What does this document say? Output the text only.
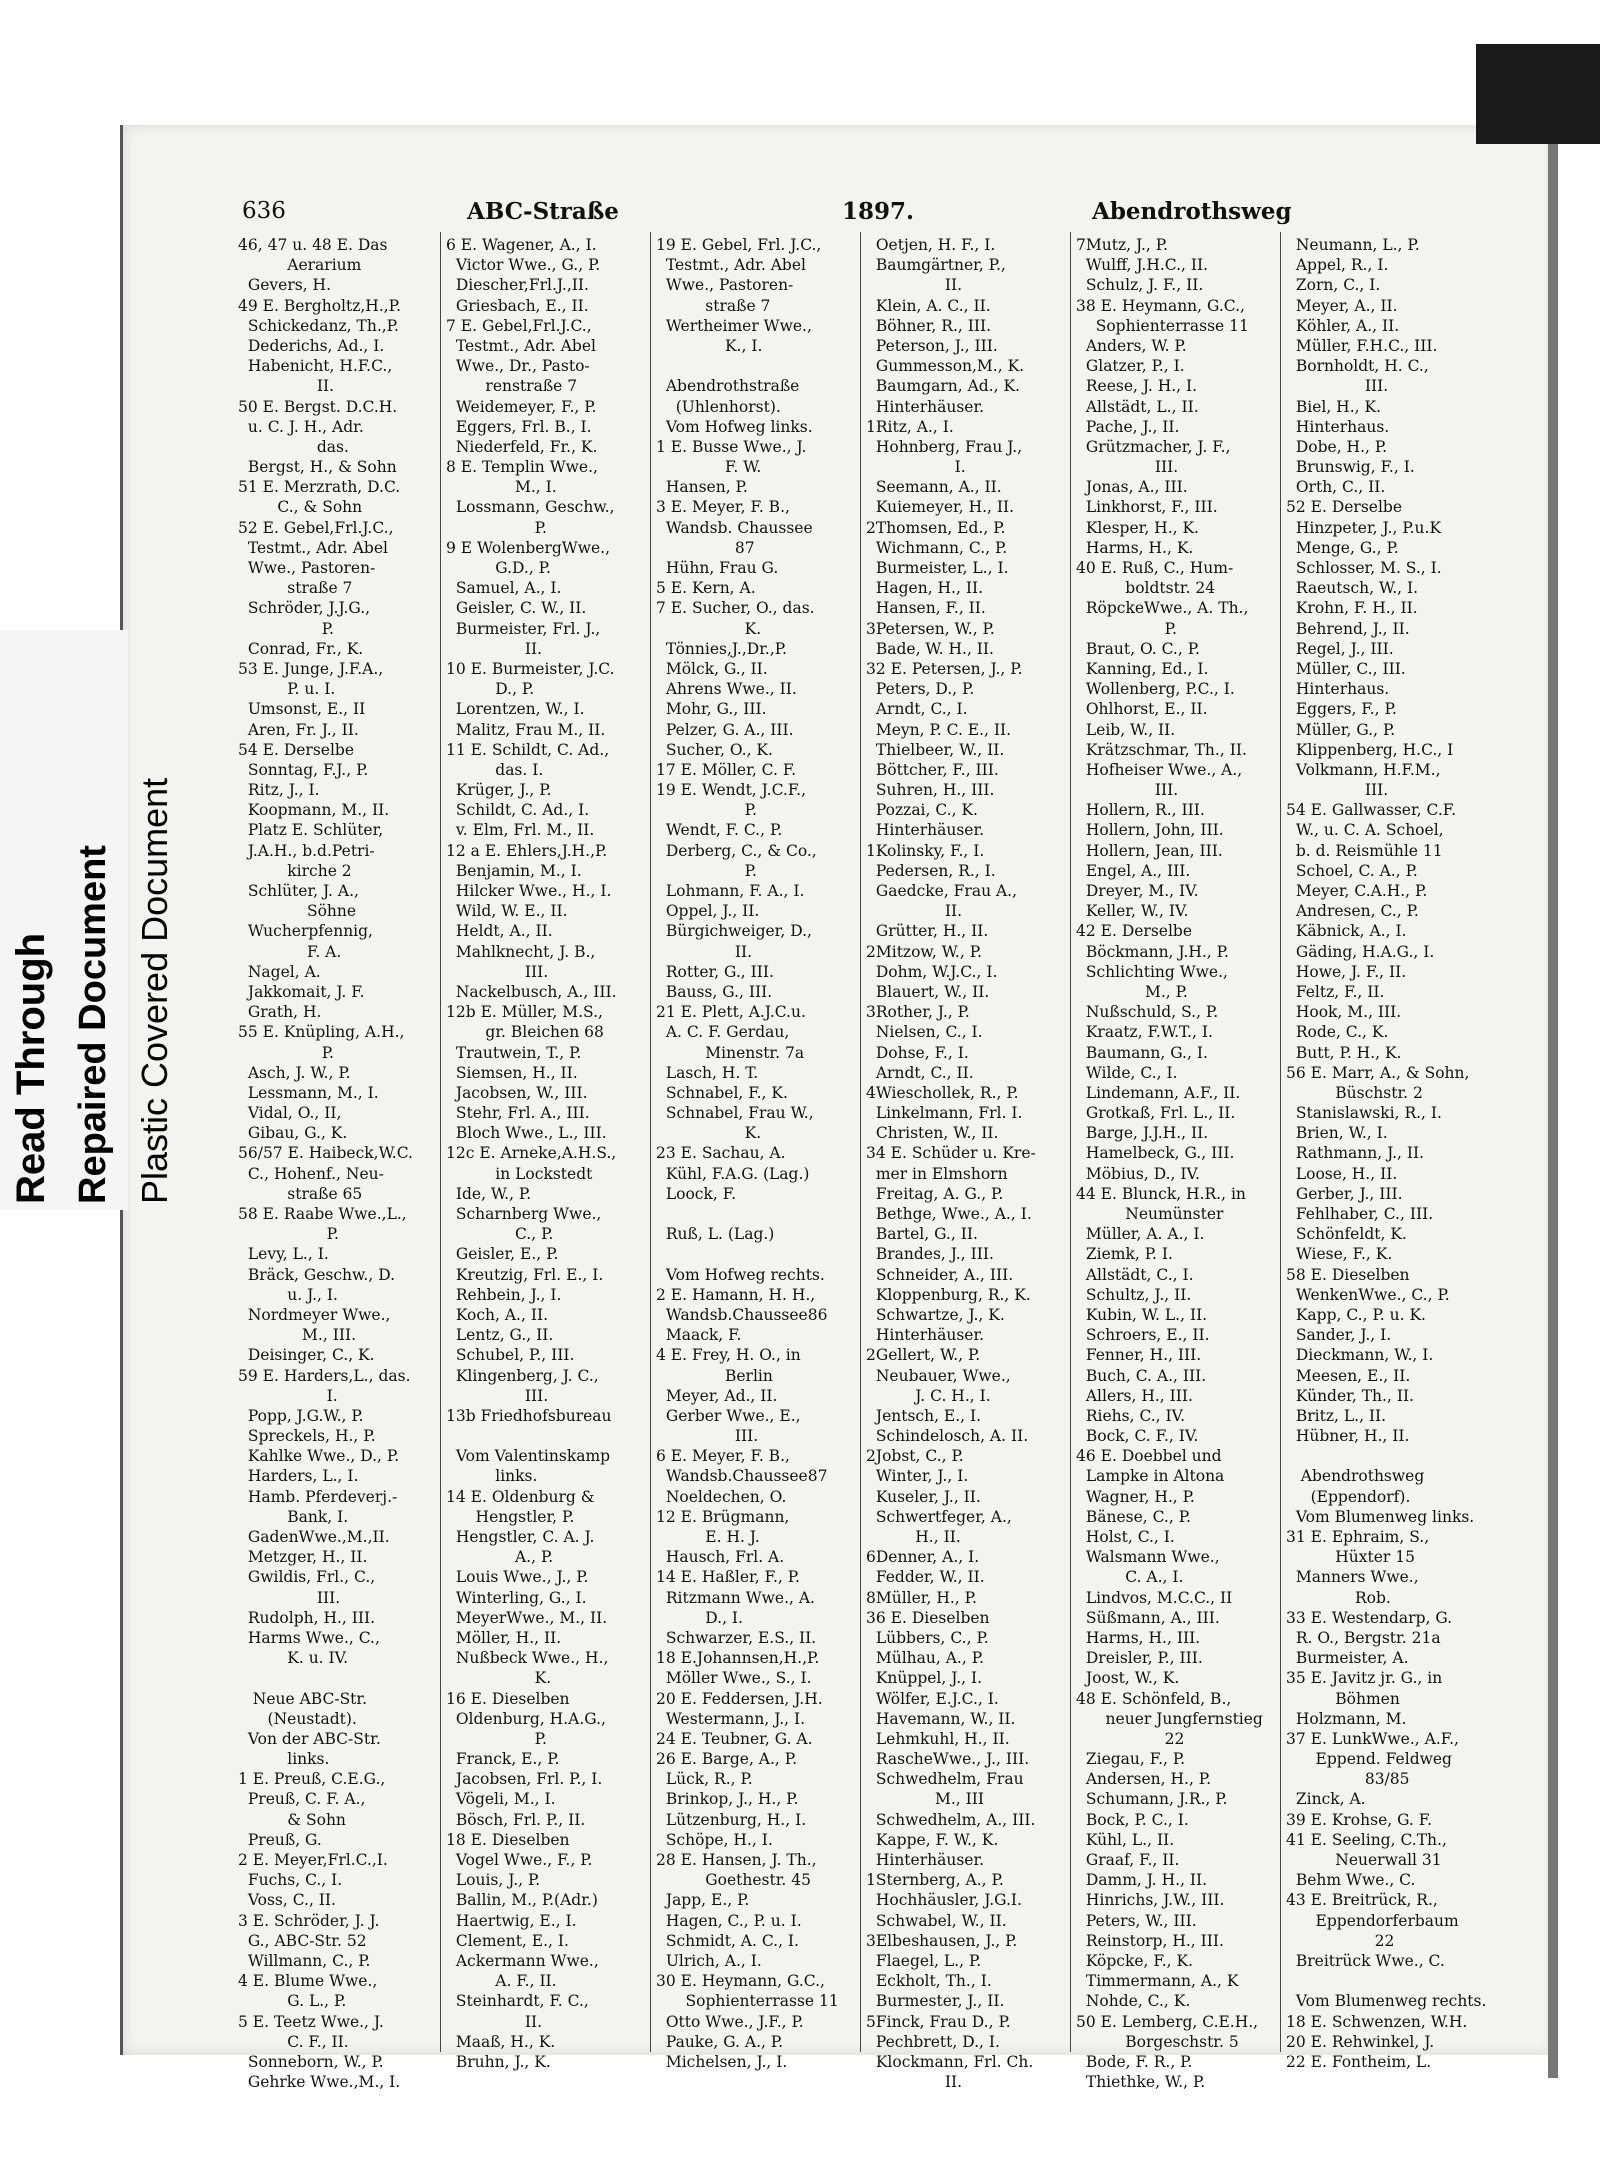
Read Through Repaired Document Plastic Covered Document
636	ABC-Straße	1897.	Abendrothsweg
46, 47 u. 48 E. Das
Aerarium
Gevers, H.
49 E. Bergholtz,H.,P.
Schickedanz, Th.,P.
Dederichs, Ad., I.
Habenicht, H.F.C.,
II.
50 E. Bergst. D.C.H.
u. C. J. H., Adr.
das.
Bergst, H., & Sohn
51 E. Merzrath, D.C.
C., & Sohn
52 E. Gebel,Frl.J.C.,
Testmt., Adr. Abel
Wwe., Pastoren-
straße 7
Schröder, J.J.G.,
P.
Conrad, Fr., K.
53 E. Junge, J.F.A.,
P. u. I.
Umsonst, E., II
Aren, Fr. J., II.
54 E. Derselbe
Sonntag, F.J., P.
Ritz, J., I.
Koopmann, M., II.
Platz E. Schlüter,
J.A.H., b.d.Petri-
kirche 2
Schlüter, J. A.,
Söhne
Wucherpfennig,
F. A.
Nagel, A.
Jakkomait, J. F.
Grath, H.
55 E. Knüpling, A.H.,
P.
Asch, J. W., P.
Lessmann, M., I.
Vidal, O., II,
Gibau, G., K.
56/57 E. Haibeck,W.C.
C., Hohenf., Neu-
straße 65
58 E. Raabe Wwe.,L.,
P.
Levy, L., I.
Bräck, Geschw., D.
u. J., I.
Nordmeyer Wwe.,
M., III.
Deisinger, C., K.
59 E. Harders,L., das.
I.
Popp, J.G.W., P.
Spreckels, H., P.
Kahlke Wwe., D., P.
Harders, L., I.
Hamb. Pferdeverj.-
Bank, I.
GadenWwe.,M.,II.
Metzger, H., II.
Gwildis, Frl., C.,
III.
Rudolph, H., III.
Harms Wwe., C.,
K. u. IV.
Neue ABC-Str.
(Neustadt).
Von der ABC-Str.
links.
1 E. Preuß, C.E.G.,
Preuß, C. F. A.,
& Sohn
Preuß, G.
2 E. Meyer,Frl.C.,I.
Fuchs, C., I.
Voss, C., II.
3 E. Schröder, J. J.
G., ABC-Str. 52
Willmann, C., P.
4 E. Blume Wwe.,
G. L., P.
5 E. Teetz Wwe., J.
C. F., II.
Sonneborn, W., P.
Gehrke Wwe.,M., I.
6 E. Wagener, A., I.
Victor Wwe., G., P.
Diescher,Frl.J.,II.
Griesbach, E., II.
7 E. Gebel,Frl.J.C.,
Testmt., Adr. Abel
Wwe., Dr., Pasto-
renstraße 7
Weidemeyer, F., P.
Eggers, Frl. B., I.
Niederfeld, Fr., K.
8 E. Templin Wwe.,
M., I.
Lossmann, Geschw.,
P.
9 E WolenbergWwe.,
G.D., P.
Samuel, A., I.
Geisler, C. W., II.
Burmeister, Frl. J.,
II.
10 E. Burmeister, J.C.
D., P.
Lorentzen, W., I.
Malitz, Frau M., II.
11 E. Schildt, C. Ad.,
das. I.
Krüger, J., P.
Schildt, C. Ad., I.
v. Elm, Frl. M., II.
12 a E. Ehlers,J.H.,P.
Benjamin, M., I.
Hilcker Wwe., H., I.
Wild, W. E., II.
Heldt, A., II.
Mahlknecht, J. B.,
III.
Nackelbusch, A., III.
12b E. Müller, M.S.,
gr. Bleichen 68
Trautwein, T., P.
Siemsen, H., II.
Jacobsen, W., III.
Stehr, Frl. A., III.
Bloch Wwe., L., III.
12c E. Arneke,A.H.S.,
in Lockstedt
Ide, W., P.
Scharnberg Wwe.,
C., P.
Geisler, E., P.
Kreutzig, Frl. E., I.
Rehbein, J., I.
Koch, A., II.
Lentz, G., II.
Schubel, P., III.
Klingenberg, J. C.,
III.
13b Friedhofsbureau
Vom Valentinskamp
links.
14 E. Oldenburg &
Hengstler, P.
Hengstler, C. A. J.
A., P.
Louis Wwe., J., P.
Winterling, G., I.
MeyerWwe., M., II.
Möller, H., II.
Nußbeck Wwe., H.,
K.
16 E. Dieselben
Oldenburg, H.A.G.,
P.
Franck, E., P.
Jacobsen, Frl. P., I.
Vögeli, M., I.
Bösch, Frl. P., II.
18 E. Dieselben
Vogel Wwe., F., P.
Louis, J., P.
Ballin, M., P.(Adr.)
Haertwig, E., I.
Clement, E., I.
Ackermann Wwe.,
A. F., II.
Steinhardt, F. C.,
II.
Maaß, H., K.
Bruhn, J., K.
19 E. Gebel, Frl. J.C.,
Testmt., Adr. Abel
Wwe., Pastoren-
straße 7
Wertheimer Wwe.,
K., I.
Abendrothstraße
(Uhlenhorst).
Vom Hofweg links.
1 E. Busse Wwe., J.
F. W.
Hansen, P.
3 E. Meyer, F. B.,
Wandsb. Chaussee
87
Hühn, Frau G.
5 E. Kern, A.
7 E. Sucher, O., das.
K.
Tönnies,J.,Dr.,P.
Mölck, G., II.
Ahrens Wwe., II.
Mohr, G., III.
Pelzer, G. A., III.
Sucher, O., K.
17 E. Möller, C. F.
19 E. Wendt, J.C.F.,
P.
Wendt, F. C., P.
Derberg, C., & Co.,
P.
Lohmann, F. A., I.
Oppel, J., II.
Bürgichweiger, D.,
II.
Rotter, G., III.
Bauss, G., III.
21 E. Plett, A.J.C.u.
A. C. F. Gerdau,
Minenstr. 7a
Lasch, H. T.
Schnabel, F., K.
Schnabel, Frau W.,
K.
23 E. Sachau, A.
Kühl, F.A.G. (Lag.)
Loock, F.
Ruß, L. (Lag.)
Vom Hofweg rechts.
2 E. Hamann, H. H.,
Wandsb.Chaussee86
Maack, F.
4 E. Frey, H. O., in
Berlin
Meyer, Ad., II.
Gerber Wwe., E.,
III.
6 E. Meyer, F. B.,
Wandsb.Chaussee87
Noeldechen, O.
12 E. Brügmann,
E. H. J.
Hausch, Frl. A.
14 E. Haßler, F., P.
Ritzmann Wwe., A.
D., I.
Schwarzer, E.S., II.
18 E.Johannsen,H.,P.
Möller Wwe., S., I.
20 E. Feddersen, J.H.
Westermann, J., I.
24 E. Teubner, G. A.
26 E. Barge, A., P.
Lück, R., P.
Brinkop, J., H., P.
Lützenburg, H., I.
Schöpe, H., I.
28 E. Hansen, J. Th.,
Goethestr. 45
Japp, E., P.
Hagen, C., P. u. I.
Schmidt, A. C., I.
Ulrich, A., I.
30 E. Heymann, G.C.,
Sophienterrasse 11
Otto Wwe., J.F., P.
Pauke, G. A., P.
Michelsen, J., I.
Oetjen, H. F., I.
Baumgärtner, P.,
II.
Klein, A. C., II.
Böhner, R., III.
Peterson, J., III.
Gummesson,M., K.
Baumgarn, Ad., K.
Hinterhäuser.
1Ritz, A., I.
Hohnberg, Frau J.,
I.
Seemann, A., II.
Kuiemeyer, H., II.
2Thomsen, Ed., P.
Wichmann, C., P.
Burmeister, L., I.
Hagen, H., II.
Hansen, F., II.
3Petersen, W., P.
Bade, W. H., II.
32 E. Petersen, J., P.
Peters, D., P.
Arndt, C., I.
Meyn, P. C. E., II.
Thielbeer, W., II.
Böttcher, F., III.
Suhren, H., III.
Pozzai, C., K.
Hinterhäuser.
1Kolinsky, F., I.
Pedersen, R., I.
Gaedcke, Frau A.,
II.
Grütter, H., II.
2Mitzow, W., P.
Dohm, W.J.C., I.
Blauert, W., II.
3Rother, J., P.
Nielsen, C., I.
Dohse, F., I.
Arndt, C., II.
4Wieschollek, R., P.
Linkelmann, Frl. I.
Christen, W., II.
34 E. Schüder u. Kre-
mer in Elmshorn
Freitag, A. G., P.
Bethge, Wwe., A., I.
Bartel, G., II.
Brandes, J., III.
Schneider, A., III.
Kloppenburg, R., K.
Schwartze, J., K.
Hinterhäuser.
2Gellert, W., P.
Neubauer, Wwe.,
J. C. H., I.
Jentsch, E., I.
Schindelosch, A. II.
2Jobst, C., P.
Winter, J., I.
Kuseler, J., II.
Schwertfeger, A.,
H., II.
6Denner, A., I.
Fedder, W., II.
8Müller, H., P.
36 E. Dieselben
Lübbers, C., P.
Mülhau, A., P.
Knüppel, J., I.
Wölfer, E.J.C., I.
Havemann, W., II.
Lehmkuhl, H., II.
RascheWwe., J., III.
Schwedhelm, Frau
M., III
Schwedhelm, A., III.
Kappe, F. W., K.
Hinterhäuser.
1Sternberg, A., P.
Hochhäusler, J.G.I.
Schwabel, W., II.
3Elbeshausen, J., P.
Flaegel, L., P.
Eckholt, Th., I.
Burmester, J., II.
5Finck, Frau D., P.
Pechbrett, D., I.
Klockmann, Frl. Ch.
II.
7Mutz, J., P.
Wulff, J.H.C., II.
Schulz, J. F., II.
38 E. Heymann, G.C.,
Sophienterrasse 11
Anders, W. P.
Glatzer, P., I.
Reese, J. H., I.
Allstädt, L., II.
Pache, J., II.
Grützmacher, J. F.,
III.
Jonas, A., III.
Linkhorst, F., III.
Klesper, H., K.
Harms, H., K.
40 E. Ruß, C., Hum-
boldtstr. 24
RöpckeWwe., A. Th.,
P.
Braut, O. C., P.
Kanning, Ed., I.
Wollenberg, P.C., I.
Ohlhorst, E., II.
Leib, W., II.
Krätzschmar, Th., II.
Hofheiser Wwe., A.,
III.
Hollern, R., III.
Hollern, John, III.
Hollern, Jean, III.
Engel, A., III.
Dreyer, M., IV.
Keller, W., IV.
42 E. Derselbe
Böckmann, J.H., P.
Schlichting Wwe.,
M., P.
Nußschuld, S., P.
Kraatz, F.W.T., I.
Baumann, G., I.
Wilde, C., I.
Lindemann, A.F., II.
Grotkaß, Frl. L., II.
Barge, J.J.H., II.
Hamelbeck, G., III.
Möbius, D., IV.
44 E. Blunck, H.R., in
Neumünster
Müller, A. A., I.
Ziemk, P. I.
Allstädt, C., I.
Schultz, J., II.
Kubin, W. L., II.
Schroers, E., II.
Fenner, H., III.
Buch, C. A., III.
Allers, H., III.
Riehs, C., IV.
Bock, C. F., IV.
46 E. Doebbel und
Lampke in Altona
Wagner, H., P.
Bänese, C., P.
Holst, C., I.
Walsmann Wwe.,
C. A., I.
Lindvos, M.C.C., II
Süßmann, A., III.
Harms, H., III.
Dreisler, P., III.
Joost, W., K.
48 E. Schönfeld, B.,
neuer Jungfernstieg
22
Ziegau, F., P.
Andersen, H., P.
Schumann, J.R., P.
Bock, P. C., I.
Kühl, L., II.
Graaf, F., II.
Damm, J. H., II.
Hinrichs, J.W., III.
Peters, W., III.
Reinstorp, H., III.
Köpcke, F., K.
Timmermann, A., K
Nohde, C., K.
50 E. Lemberg, C.E.H.,
Borgeschstr. 5
Bode, F. R., P.
Thiethke, W., P.
Neumann, L., P.
Appel, R., I.
Zorn, C., I.
Meyer, A., II.
Köhler, A., II.
Müller, F.H.C., III.
Bornholdt, H. C.,
III.
Biel, H., K.
Hinterhaus.
Dobe, H., P.
Brunswig, F., I.
Orth, C., II.
52 E. Derselbe
Hinzpeter, J., P.u.K
Menge, G., P.
Schlosser, M. S., I.
Raeutsch, W., I.
Krohn, F. H., II.
Behrend, J., II.
Regel, J., III.
Müller, C., III.
Hinterhaus.
Eggers, F., P.
Müller, G., P.
Klippenberg, H.C., I
Volkmann, H.F.M.,
III.
54 E. Gallwasser, C.F.
W., u. C. A. Schoel,
b. d. Reismühle 11
Schoel, C. A., P.
Meyer, C.A.H., P.
Andresen, C., P.
Käbnick, A., I.
Gäding, H.A.G., I.
Howe, J. F., II.
Feltz, F., II.
Hook, M., III.
Rode, C., K.
Butt, P. H., K.
56 E. Marr, A., & Sohn,
Büschstr. 2
Stanislawski, R., I.
Brien, W., I.
Rathmann, J., II.
Loose, H., II.
Gerber, J., III.
Fehlhaber, C., III.
Schönfeldt, K.
Wiese, F., K.
58 E. Dieselben
WenkenWwe., C., P.
Kapp, C., P. u. K.
Sander, J., I.
Dieckmann, W., I.
Meesen, E., II.
Künder, Th., II.
Britz, L., II.
Hübner, H., II.
Abendrothsweg
(Eppendorf).
Vom Blumenweg links.
31 E. Ephraim, S.,
Hüxter 15
Manners Wwe.,
Rob.
33 E. Westendarp, G.
R. O., Bergstr. 21a
Burmeister, A.
35 E. Javitz jr. G., in
Böhmen
Holzmann, M.
37 E. LunkWwe., A.F.,
Eppend. Feldweg
83/85
Zinck, A.
39 E. Krohse, G. F.
41 E. Seeling, C.Th.,
Neuerwall 31
Behm Wwe., C.
43 E. Breitrück, R.,
Eppendorferbaum
22
Breitrück Wwe., C.
Vom Blumenweg rechts.
18 E. Schwenzen, W.H.
20 E. Rehwinkel, J.
22 E. Fontheim, L.
